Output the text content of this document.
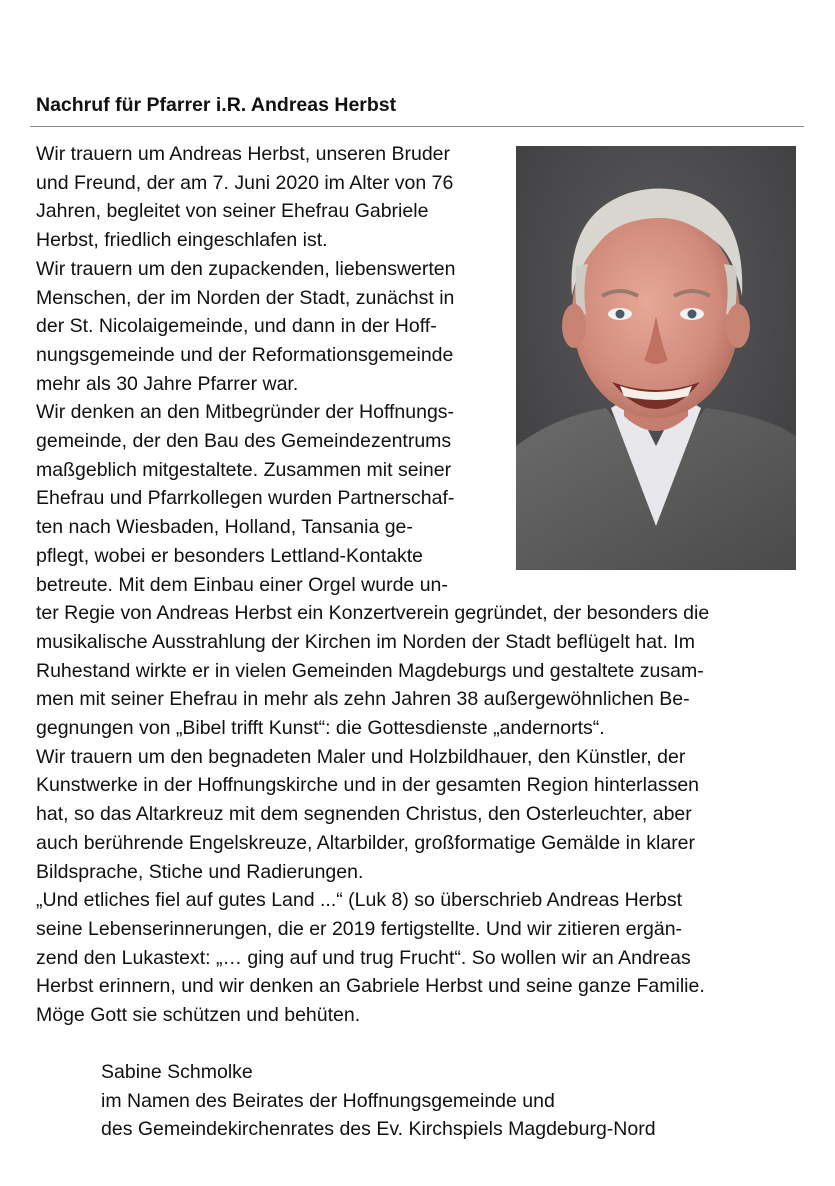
Nachruf für Pfarrer i.R. Andreas Herbst
Wir trauern um Andreas Herbst, unseren Bruder
und Freund, der am 7. Juni 2020 im Alter von 76
Jahren, begleitet von seiner Ehefrau Gabriele
Herbst, friedlich eingeschlafen ist.
Wir trauern um den zupackenden, liebenswerten
Menschen, der im Norden der Stadt, zunächst in
der St. Nicolaigemeinde, und dann in der Hoff-
nungsgemeinde und der Reformationsgemeinde
mehr als 30 Jahre Pfarrer war.
Wir denken an den Mitbegründer der Hoffnungs-
gemeinde, der den Bau des Gemeindezentrums
maßgeblich mitgestaltete. Zusammen mit seiner
Ehefrau und Pfarrkollegen wurden Partnerschaf-
ten nach Wiesbaden, Holland, Tansania ge-
pflegt, wobei er besonders Lettland-Kontakte
betreute. Mit dem Einbau einer Orgel wurde un-
ter Regie von Andreas Herbst ein Konzertverein gegründet, der besonders die
musikalische Ausstrahlung der Kirchen im Norden der Stadt beflügelt hat. Im
Ruhestand wirkte er in vielen Gemeinden Magdeburgs und gestaltete zusam-
men mit seiner Ehefrau in mehr als zehn Jahren 38 außergewöhnlichen Be-
gegnungen von „Bibel trifft Kunst“: die Gottesdienste „andernorts“.
Wir trauern um den begnadeten Maler und Holzbildhauer, den Künstler, der
Kunstwerke in der Hoffnungskirche und in der gesamten Region hinterlassen
hat, so das Altarkreuz mit dem segnenden Christus, den Osterleuchter, aber
auch berührende Engelskreuze, Altarbilder, großformatige Gemälde in klarer
Bildsprache, Stiche und Radierungen.
„Und etliches fiel auf gutes Land ...“ (Luk 8) so überschrieb Andreas Herbst
seine Lebenserinnerungen, die er 2019 fertigstellte. Und wir zitieren ergän-
zend den Lukastext: „… ging auf und trug Frucht“. So wollen wir an Andreas
Herbst erinnern, und wir denken an Gabriele Herbst und seine ganze Familie.
Möge Gott sie schützen und behüten.
Sabine Schmolke
im Namen des Beirates der Hoffnungsgemeinde und
des Gemeindekirchenrates des Ev. Kirchspiels Magdeburg-Nord
